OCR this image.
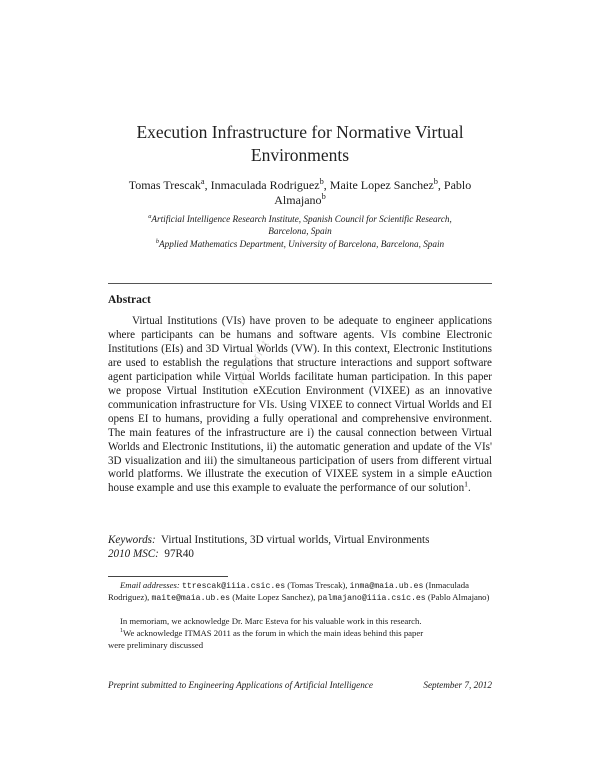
Execution Infrastructure for Normative Virtual
Environments
Tomas Trescak$^a$, Inmaculada Rodriguez$^b$, Maite Lopez Sanchez$^b$, Pablo
Almajano$^b$
$^a$Artificial Intelligence Research Institute, Spanish Council for Scientific Research,
Barcelona, Spain
$^b$Applied Mathematics Department, University of Barcelona, Barcelona, Spain
Abstract
Virtual Institutions (VIs) have proven to be adequate to engineer applications where participants can be humans and software agents. VIs combine Electronic Institutions (EIs) and 3D Virtual Worlds (VW). In this context, Electronic Institutions are used to establish the regulations that structure interactions and support software agent participation while Virtual Worlds facilitate human participation. In this paper we propose Virtual Institution eXEcution Environment (VIXEE) as an innovative communication infrastructure for VIs. Using VIXEE to connect Virtual Worlds and EI opens EI to humans, providing a fully operational and comprehensive environment. The main features of the infrastructure are i) the causal connection between Virtual Worlds and Electronic Institutions, ii) the automatic generation and update of the VIs' 3D visualization and iii) the simultaneous participation of users from different virtual world platforms. We illustrate the execution of VIXEE system in a simple eAuction house example and use this example to evaluate the performance of our solution$^1$.
Preprint
Keywords: Virtual Institutions, 3D virtual worlds, Virtual Environments
2010 MSC: 97R40
Email addresses: ttrescak@iiia.csic.es (Tomas Trescak), inma@maia.ub.es (Inmaculada Rodriguez), maite@maia.ub.es (Maite Lopez Sanchez), palmajano@iiia.csic.es (Pablo Almajano)
In memoriam, we acknowledge Dr. Marc Esteva for his valuable work in this research.
$^1$We acknowledge ITMAS 2011 as the forum in which the main ideas behind this paper
were preliminary discussed
Preprint submitted to Engineering Applications of Artificial Intelligence	September 7, 2012
